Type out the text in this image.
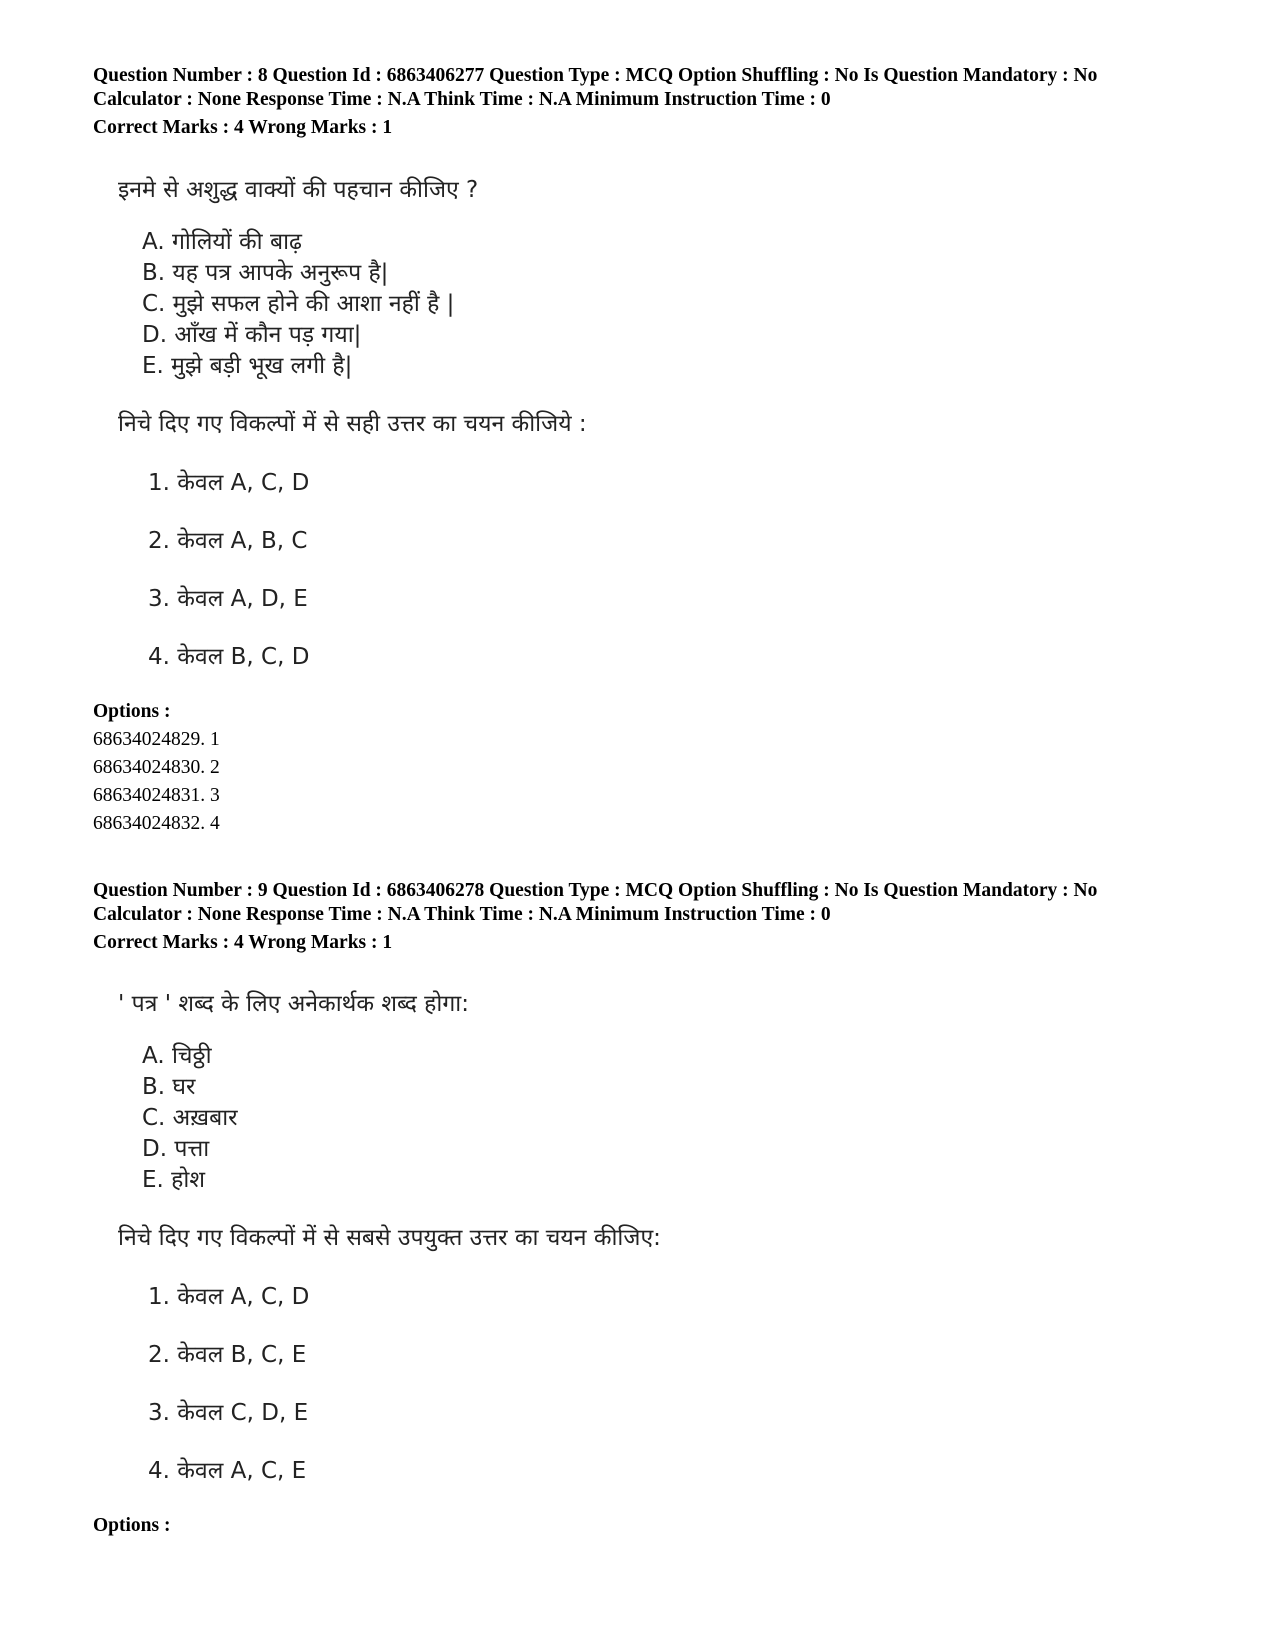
Question Number : 8 Question Id : 6863406277 Question Type : MCQ Option Shuffling : No Is Question Mandatory : No
Calculator : None Response Time : N.A Think Time : N.A Minimum Instruction Time : 0
Correct Marks : 4 Wrong Marks : 1
इनमे से अशुद्ध वाक्यों की पहचान कीजिए ?
A. गोलियों की बाढ़
B. यह पत्र आपके अनुरूप है|
C. मुझे सफल होने की आशा नहीं है |
D. आँख में कौन पड़ गया|
E. मुझे बड़ी भूख लगी है|
निचे दिए गए विकल्पों में से सही उत्तर का चयन कीजिये :
1. केवल A, C, D
2. केवल A, B, C
3. केवल A, D, E
4. केवल B, C, D
Options :
68634024829. 1
68634024830. 2
68634024831. 3
68634024832. 4
Question Number : 9 Question Id : 6863406278 Question Type : MCQ Option Shuffling : No Is Question Mandatory : No
Calculator : None Response Time : N.A Think Time : N.A Minimum Instruction Time : 0
Correct Marks : 4 Wrong Marks : 1
' पत्र ' शब्द के लिए अनेकार्थक शब्द होगा:
A. चिठ्ठी
B. घर
C. अख़बार
D. पत्ता
E. होश
निचे दिए गए विकल्पों में से सबसे उपयुक्त उत्तर का चयन कीजिए:
1. केवल A, C, D
2. केवल B, C, E
3. केवल C, D, E
4. केवल A, C, E
Options :
